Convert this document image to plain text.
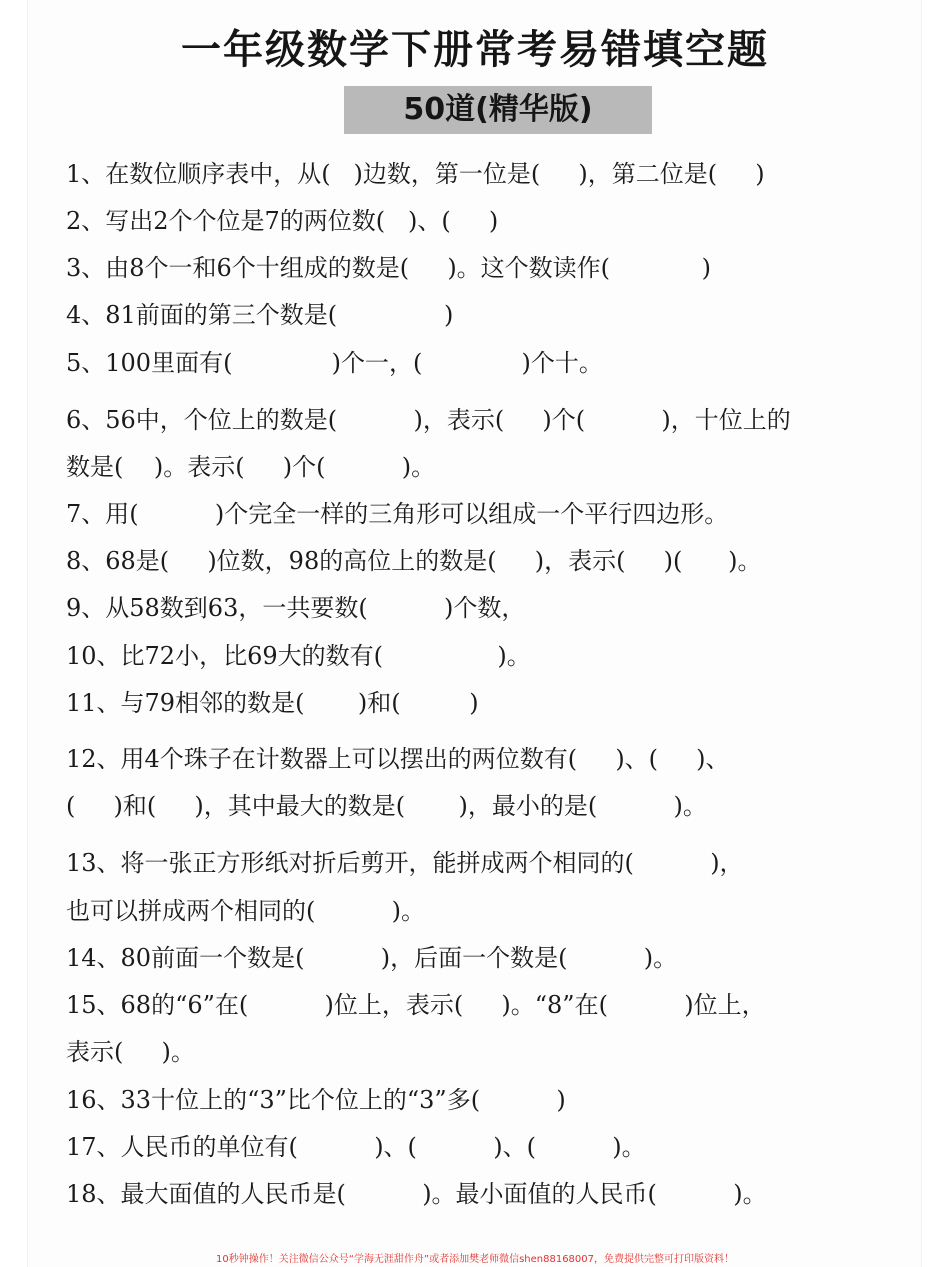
一年级数学下册常考易错填空题
50道(精华版)
1、在数位顺序表中，从(   )边数，第一位是(     )，第二位是(     )
2、写出2个个位是7的两位数(   )、(     )
3、由8个一和6个十组成的数是(     )。这个数读作(            )
4、81前面的第三个数是(              )
5、100里面有(             )个一，(             )个十。
6、56中，个位上的数是(          )，表示(     )个(          )，十位上的
数是(    )。表示(     )个(          )。
7、用(          )个完全一样的三角形可以组成一个平行四边形。
8、68是(     )位数，98的高位上的数是(     )，表示(     )(      )。
9、从58数到63，一共要数(          )个数，
10、比72小，比69大的数有(               )。
11、与79相邻的数是(       )和(         )
12、用4个珠子在计数器上可以摆出的两位数有(     )、(     )、
(     )和(     )，其中最大的数是(       )，最小的是(          )。
13、将一张正方形纸对折后剪开，能拼成两个相同的(          )，
也可以拼成两个相同的(          )。
14、80前面一个数是(          )，后面一个数是(          )。
15、68的“6”在(          )位上，表示(     )。“8”在(          )位上，
表示(     )。
16、33十位上的“3”比个位上的“3”多(          )
17、人民币的单位有(          )、(          )、(          )。
18、最大面值的人民币是(          )。最小面值的人民币(          )。
10秒钟操作！关注微信公众号“学海无涯甜作舟”或者添加樊老师微信shen88168007，免费提供完整可打印版资料！
